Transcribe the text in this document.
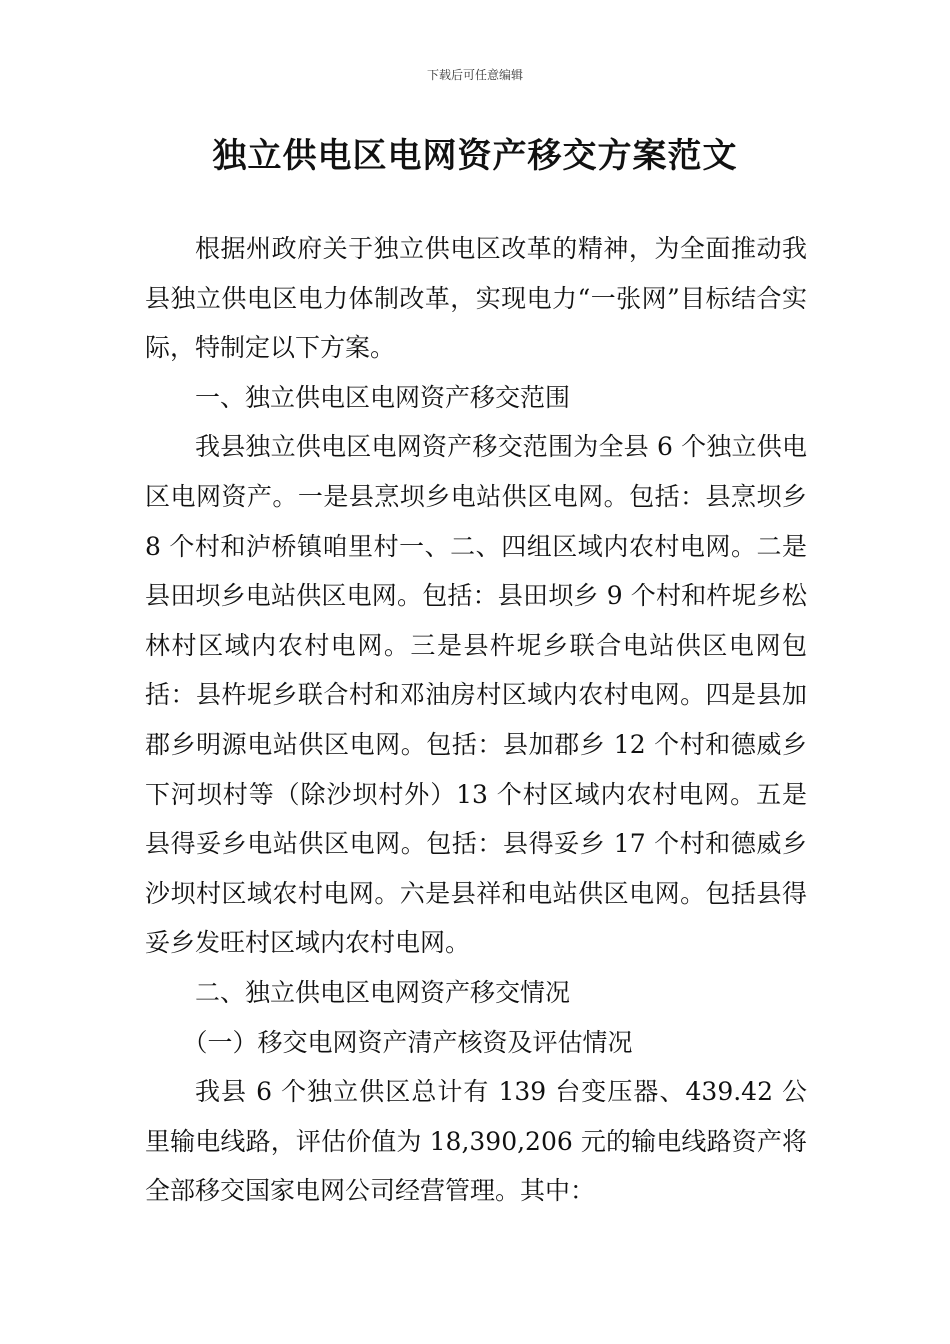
下载后可任意编辑
独立供电区电网资产移交方案范文

根据州政府关于独立供电区改革的精神，为全面推动我县独立供电区电力体制改革，实现电力“一张网”目标结合实际，特制定以下方案。

一、独立供电区电网资产移交范围

我县独立供电区电网资产移交范围为全县 6 个独立供电区电网资产。一是县烹坝乡电站供区电网。包括：县烹坝乡 8 个村和泸桥镇咱里村一、二、四组区域内农村电网。二是县田坝乡电站供区电网。包括：县田坝乡 9 个村和杵坭乡松林村区域内农村电网。三是县杵坭乡联合电站供区电网包括：县杵坭乡联合村和邓油房村区域内农村电网。四是县加郡乡明源电站供区电网。包括：县加郡乡 12 个村和德威乡下河坝村等（除沙坝村外）13 个村区域内农村电网。五是县得妥乡电站供区电网。包括：县得妥乡 17 个村和德威乡沙坝村区域农村电网。六是县祥和电站供区电网。包括县得妥乡发旺村区域内农村电网。

二、独立供电区电网资产移交情况

（一）移交电网资产清产核资及评估情况

我县 6 个独立供区总计有 139 台变压器、439.42 公里输电线路，评估价值为 18,390,206 元的输电线路资产将全部移交国家电网公司经营管理。其中：
